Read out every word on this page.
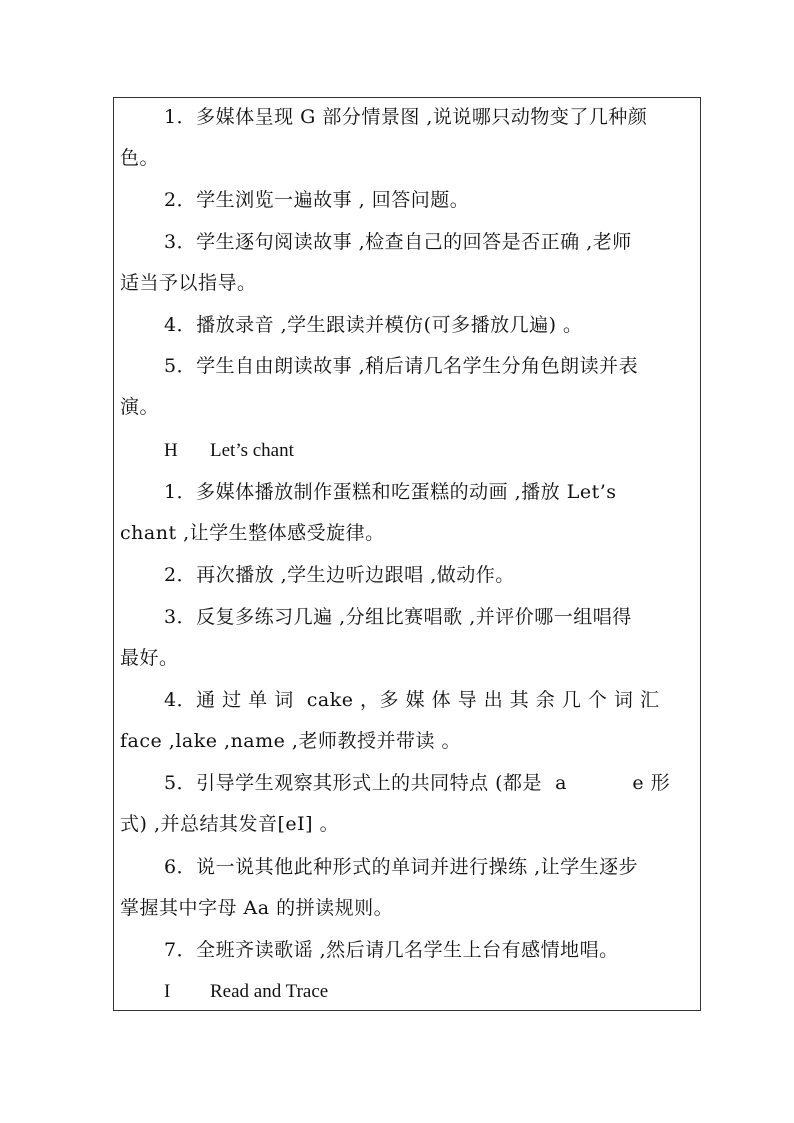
1．多媒体呈现 G 部分情景图 ,说说哪只动物变了几种颜
色。
2．学生浏览一遍故事 , 回答问题。
3．学生逐句阅读故事 ,检查自己的回答是否正确 ,老师
适当予以指导。
4．播放录音 ,学生跟读并模仿(可多播放几遍) 。
5．学生自由朗读故事 ,稍后请几名学生分角色朗读并表
演。
H Let’s chant
1．多媒体播放制作蛋糕和吃蛋糕的动画 ,播放 Let’s
chant ,让学生整体感受旋律。
2．再次播放 ,学生边听边跟唱 ,做动作。
3．反复多练习几遍 ,分组比赛唱歌 ,并评价哪一组唱得
最好。
4．通 过 单 词  cake ，多 媒 体 导 出 其 余 几 个 词 汇
face ,lake ,name ,老师教授并带读 。
5．引导学生观察其形式上的共同特点 (都是  a          e 形
式) ,并总结其发音[eI] 。
6．说一说其他此种形式的单词并进行操练 ,让学生逐步
掌握其中字母 Aa 的拼读规则。
7．全班齐读歌谣 ,然后请几名学生上台有感情地唱。
I Read and Trace
